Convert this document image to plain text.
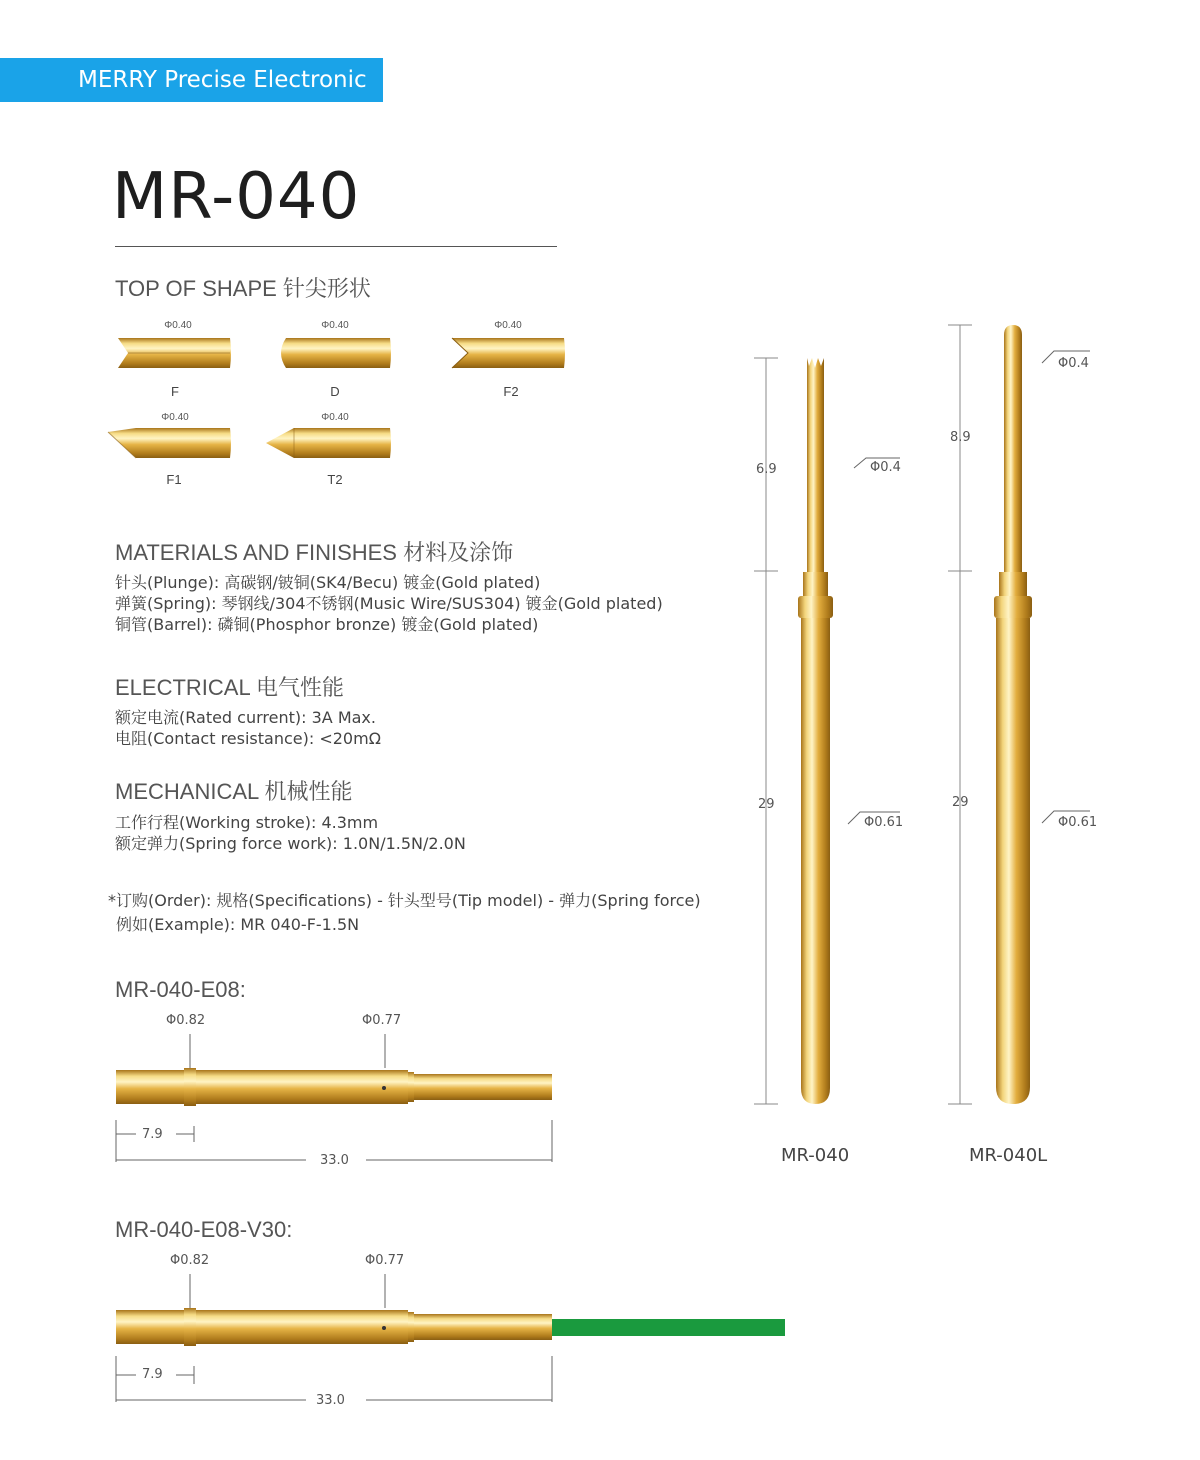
MERRY Precise Electronic
MR-040
TOP OF SHAPE 针尖形状
Φ0.40
F
Φ0.40
D
Φ0.40
F2
Φ0.40
F1
Φ0.40
T2
MATERIALS AND FINISHES 材料及涂饰
针头(Plunge): 高碳钢/铍铜(SK4/Becu) 镀金(Gold plated)
弹簧(Spring): 琴钢线/304不锈钢(Music Wire/SUS304) 镀金(Gold plated)
铜管(Barrel): 磷铜(Phosphor bronze) 镀金(Gold plated)
ELECTRICAL 电气性能
额定电流(Rated current): 3A Max.
电阻(Contact resistance): <20mΩ
MECHANICAL 机械性能
工作行程(Working stroke): 4.3mm
额定弹力(Spring force work): 1.0N/1.5N/2.0N
*订购(Order): 规格(Specifications) - 针头型号(Tip model) - 弹力(Spring force)
例如(Example): MR 040-F-1.5N
MR-040-E08:
Φ0.82	Φ0.77
7.9
33.0
MR-040-E08-V30:
Φ0.82	Φ0.77
7.9
33.0
6.9
29
Φ0.4
Φ0.61
MR-040
8.9
29
Φ0.4
Φ0.61
MR-040L
